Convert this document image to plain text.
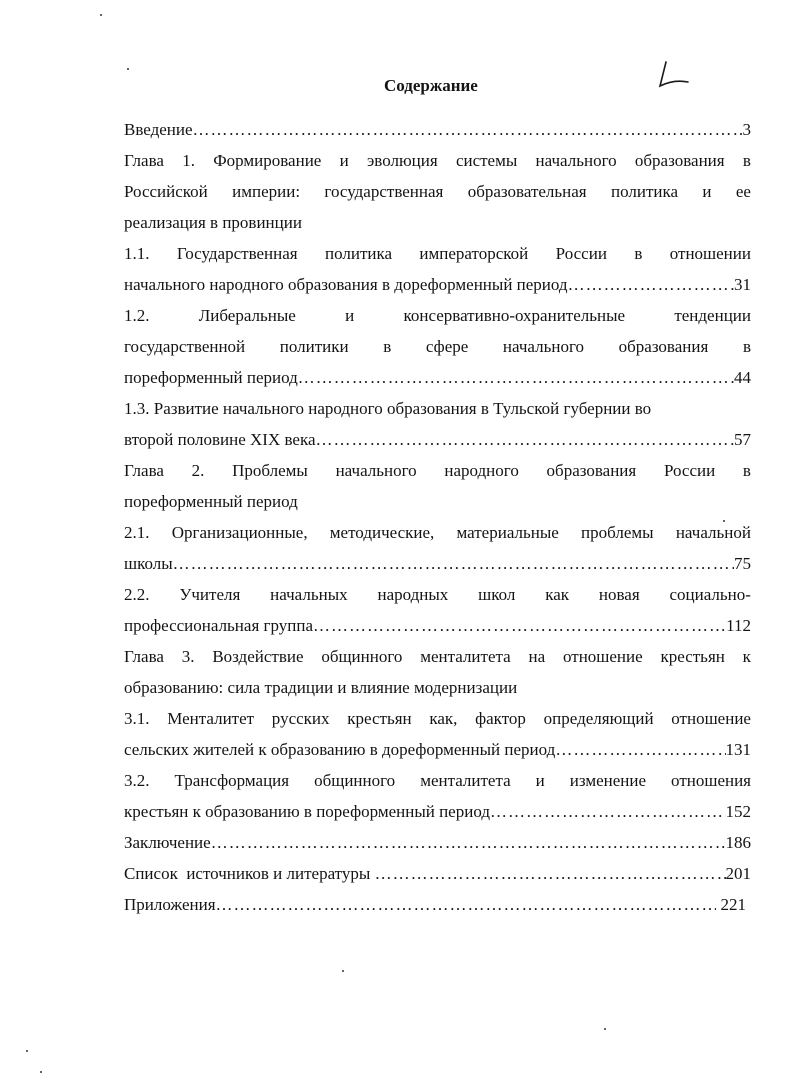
Содержание
2
Введение ……………………………………………………………………………………………………………………………………………………………………	3
Глава 1. Формирование и эволюция системы начального образования в
Российской империи: государственная образовательная политика и ее
реализация в провинции
1.1. Государственная политика императорской России в отношении
начального народного образования в дореформенный период ……………………………………………………………………………………………………………………………………………………………………	31
1.2.	Либеральные	и	консервативно-охранительные	тенденции
государственной политики в сфере начального образования в
пореформенный период ……………………………………………………………………………………………………………………………………………………………………	44
1.3. Развитие начального народного образования в Тульской губернии во
второй половине XIX века ……………………………………………………………………………………………………………………………………………………………………	57
Глава 2. Проблемы начального народного образования России в
пореформенный период
2.1. Организационные, методические, материальные проблемы начальной
школы ……………………………………………………………………………………………………………………………………………………………………	75
2.2. Учителя начальных народных школ как новая социально-
профессиональная группа ……………………………………………………………………………………………………………………………………………………………………	112
Глава 3. Воздействие общинного менталитета на отношение крестьян к
образованию: сила традиции и влияние модернизации
3.1. Менталитет русских крестьян как, фактор определяющий отношение
сельских жителей к образованию в дореформенный период ……………………………………………………………………………………………………………………………………………………………………	131
3.2. Трансформация общинного менталитета и изменение отношения
крестьян к образованию в пореформенный период ……………………………………………………………………………………………………………………………………………………………………	152
Заключение ……………………………………………………………………………………………………………………………………………………………………	186
Список  источников и литературы ……………………………………………………………………………………………………………………………………………………………………	201
Приложения ……………………………………………………………………………………………………………………………………………………………………	221
